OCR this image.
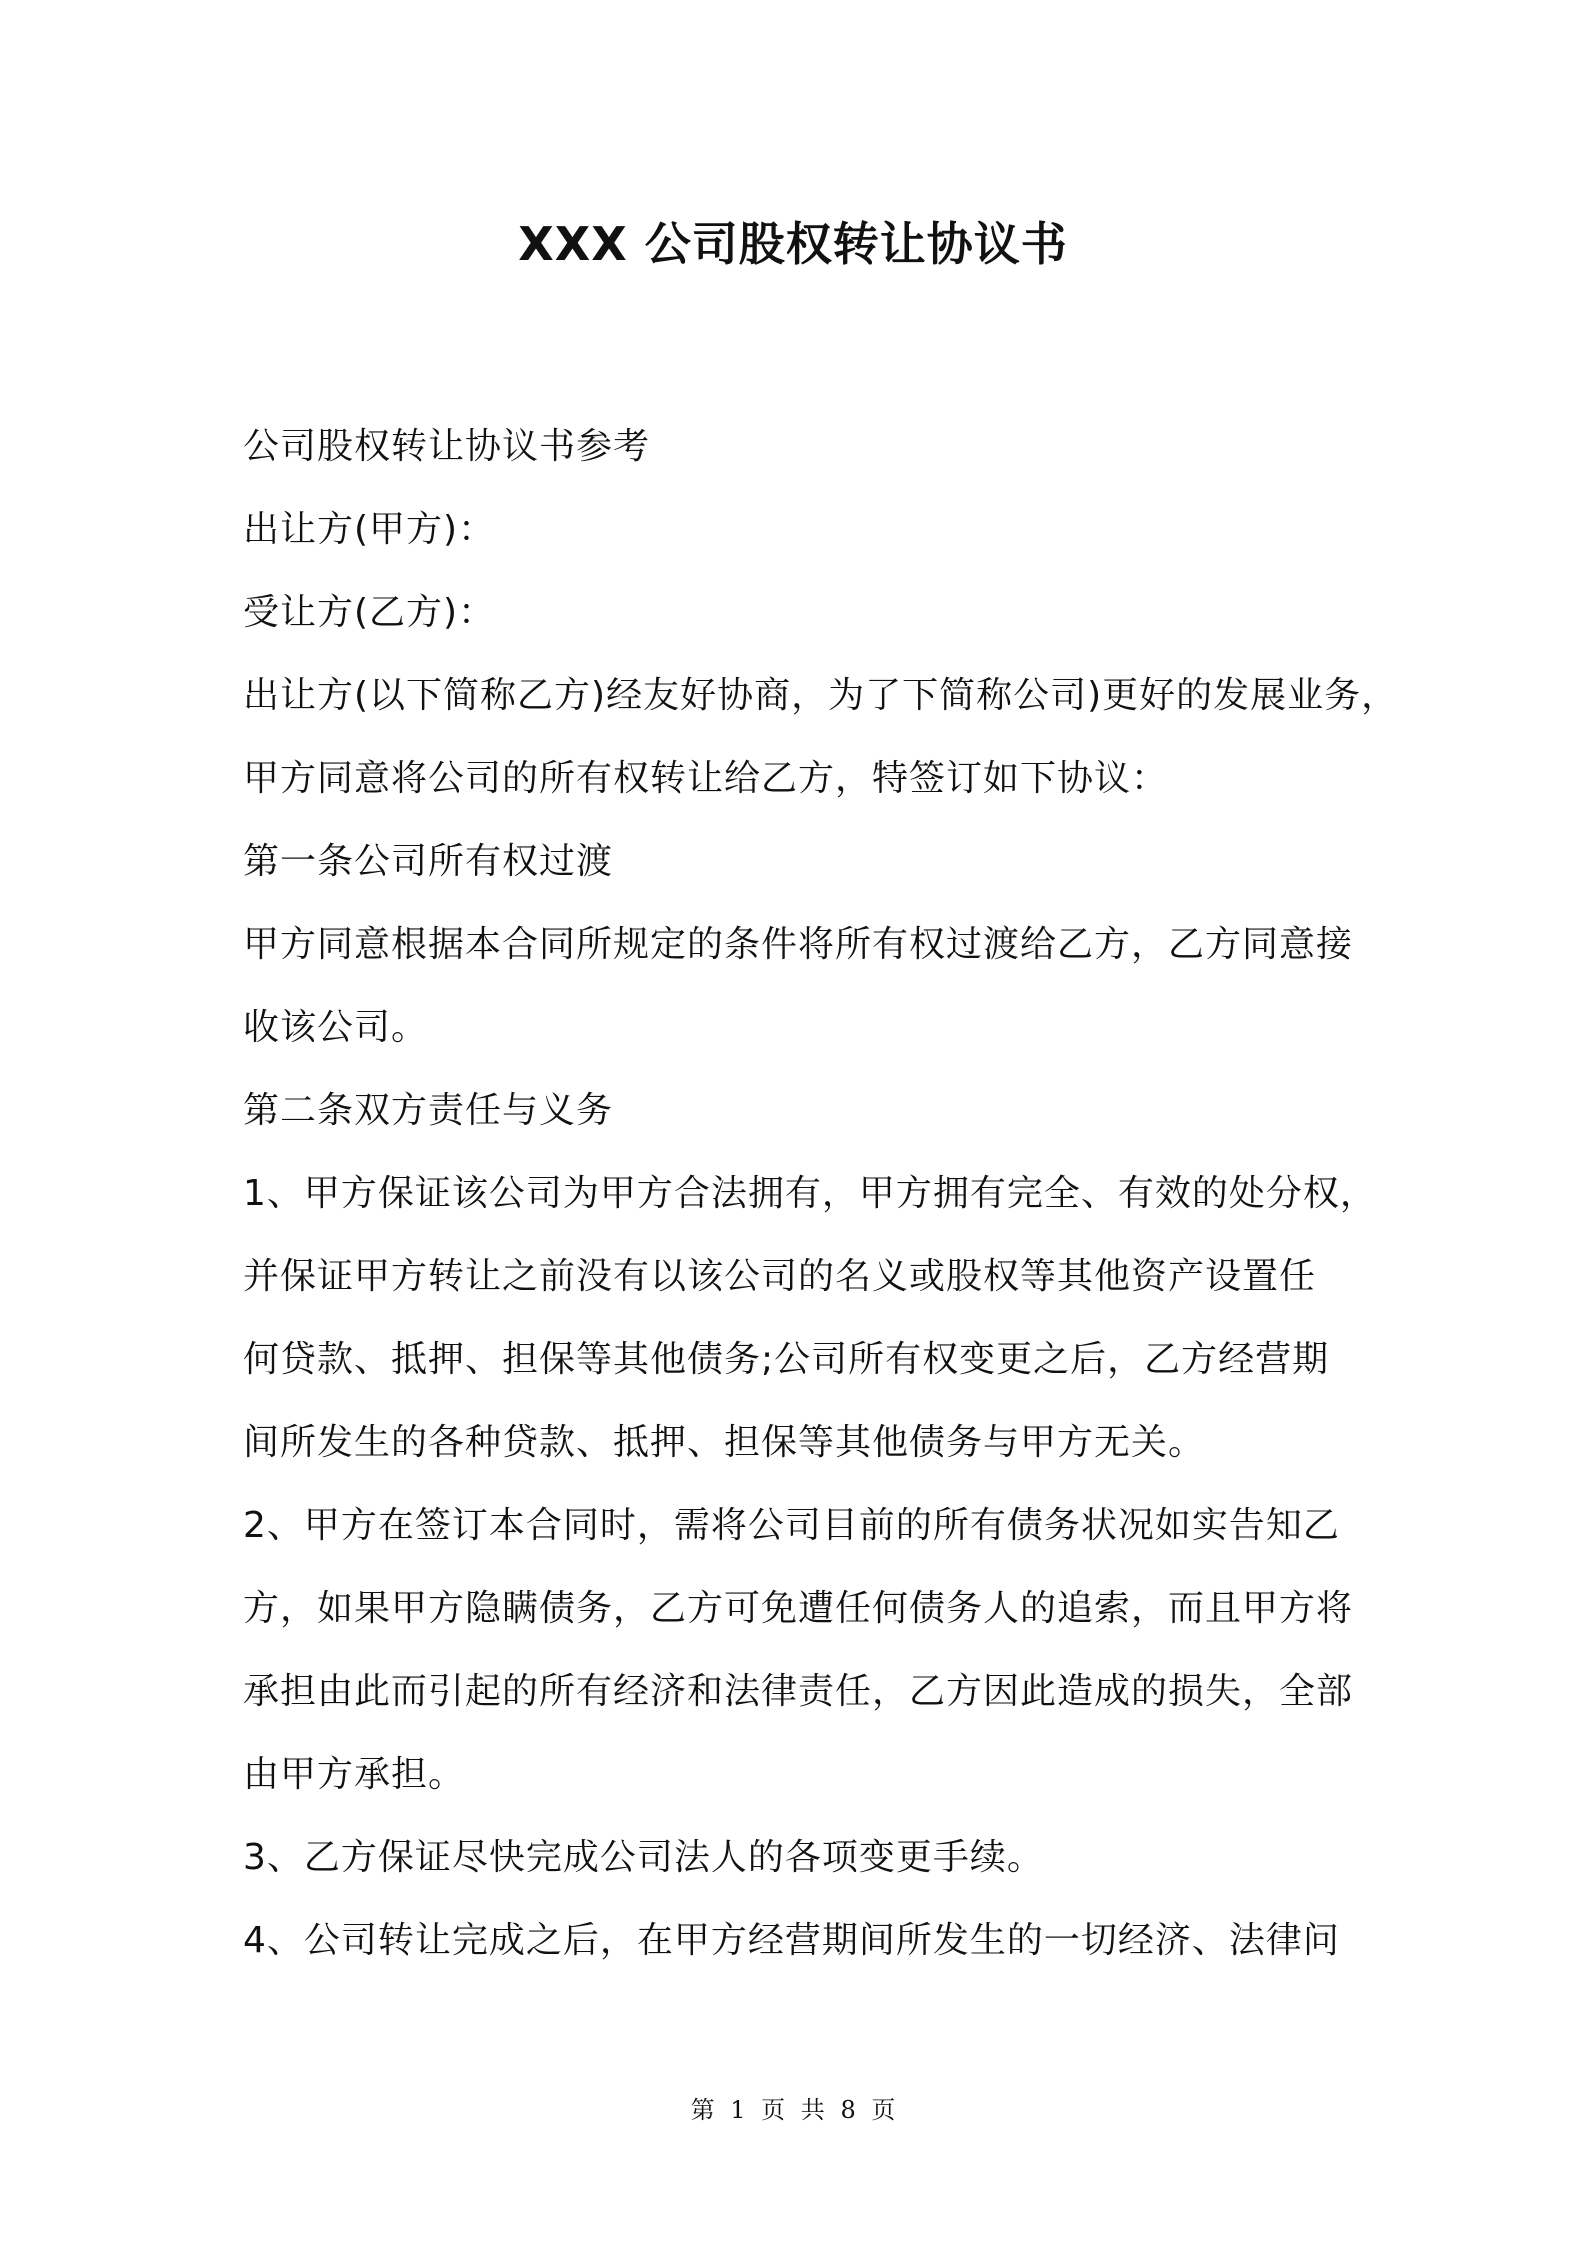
XXX 公司股权转让协议书
公司股权转让协议书参考
出让方(甲方)：
受让方(乙方)：
出让方(以下简称乙方)经友好协商，为了下简称公司)更好的发展业务，
甲方同意将公司的所有权转让给乙方，特签订如下协议：
第一条公司所有权过渡
甲方同意根据本合同所规定的条件将所有权过渡给乙方，乙方同意接
收该公司。
第二条双方责任与义务
1、甲方保证该公司为甲方合法拥有，甲方拥有完全、有效的处分权，
并保证甲方转让之前没有以该公司的名义或股权等其他资产设置任
何贷款、抵押、担保等其他债务;公司所有权变更之后，乙方经营期
间所发生的各种贷款、抵押、担保等其他债务与甲方无关。
2、甲方在签订本合同时，需将公司目前的所有债务状况如实告知乙
方，如果甲方隐瞒债务，乙方可免遭任何债务人的追索，而且甲方将
承担由此而引起的所有经济和法律责任，乙方因此造成的损失，全部
由甲方承担。
3、乙方保证尽快完成公司法人的各项变更手续。
4、公司转让完成之后，在甲方经营期间所发生的一切经济、法律问
第 1 页 共 8 页
